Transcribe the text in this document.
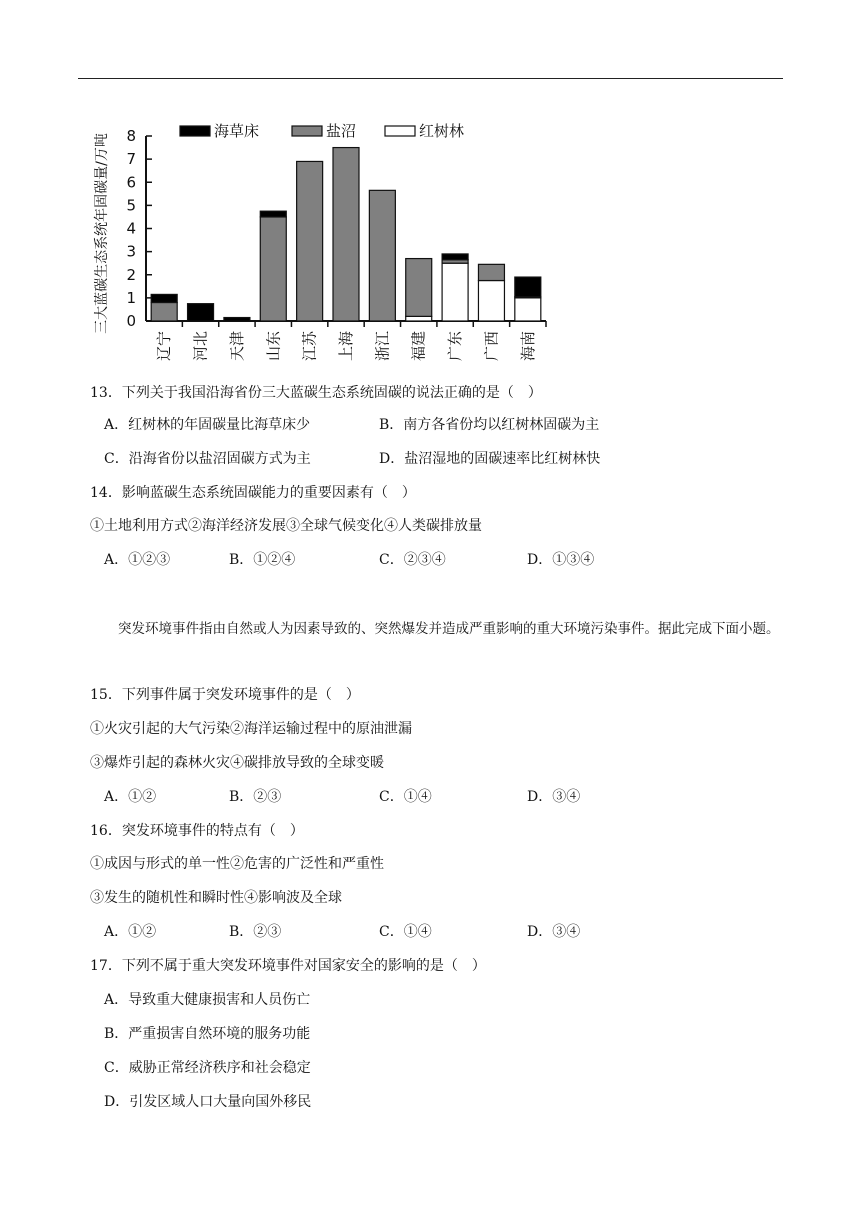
0
1
2
3
4
5
6
7
8
三大蓝碳生态系统年固碳量/万吨
辽宁 河北 天津 山东 江苏 上海 浙江 福建 广东 广西 海南
海草床	盐沼	红树林
13．下列关于我国沿海省份三大蓝碳生态系统固碳的说法正确的是（　）
A．红树林的年固碳量比海草床少	B．南方各省份均以红树林固碳为主
C．沿海省份以盐沼固碳方式为主	D．盐沼湿地的固碳速率比红树林快
14．影响蓝碳生态系统固碳能力的重要因素有（　）
①土地利用方式②海洋经济发展③全球气候变化④人类碳排放量
A．①②③	B．①②④	C．②③④	D．①③④
突发环境事件指由自然或人为因素导致的、突然爆发并造成严重影响的重大环境污染事件。据此完成下面小题。
15．下列事件属于突发环境事件的是（　）
①火灾引起的大气污染②海洋运输过程中的原油泄漏
③爆炸引起的森林火灾④碳排放导致的全球变暖
A．①②	B．②③	C．①④	D．③④
16．突发环境事件的特点有（　）
①成因与形式的单一性②危害的广泛性和严重性
③发生的随机性和瞬时性④影响波及全球
A．①②	B．②③	C．①④	D．③④
17．下列不属于重大突发环境事件对国家安全的影响的是（　）
A．导致重大健康损害和人员伤亡
B．严重损害自然环境的服务功能
C．威胁正常经济秩序和社会稳定
D．引发区域人口大量向国外移民
